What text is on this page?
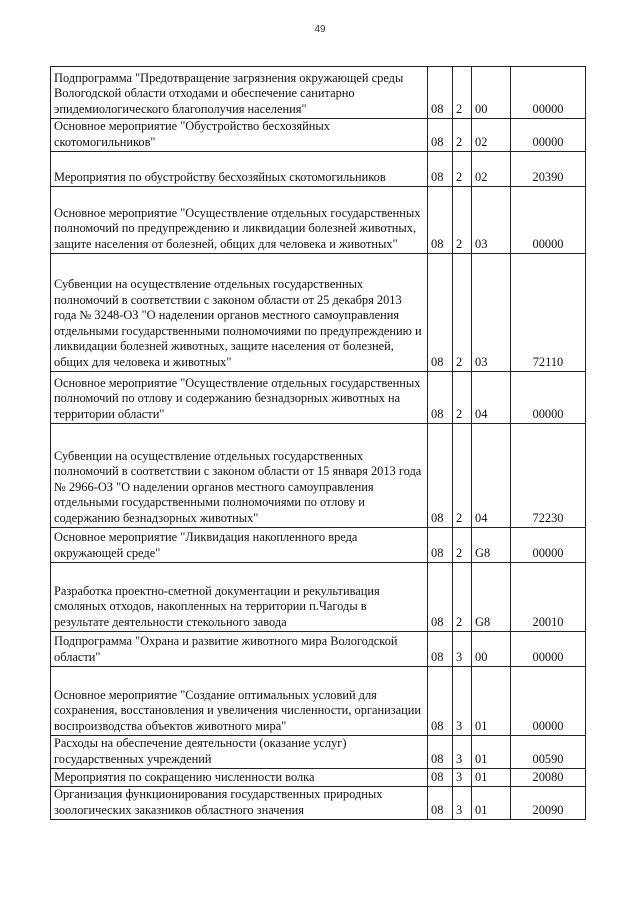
49
Подпрограмма "Предотвращение загрязнения окружающей среды Вологодской области отходами и обеспечение санитарно эпидемиологического благополучия населения"	08	2	00	00000
Основное мероприятие "Обустройство бесхозяйных скотомогильников"	08	2	02	00000
Мероприятия по обустройству бесхозяйных скотомогильников	08	2	02	20390
Основное мероприятие "Осуществление отдельных государственных полномочий по предупреждению и ликвидации болезней животных, защите населения от болезней, общих для человека и животных"	08	2	03	00000
Субвенции на осуществление отдельных государственных полномочий в соответствии с законом области от 25 декабря 2013 года № 3248-ОЗ "О наделении органов местного самоуправления отдельными государственными полномочиями по предупреждению и ликвидации болезней животных, защите населения от болезней, общих для человека и животных"	08	2	03	72110
Основное мероприятие "Осуществление отдельных государственных полномочий по отлову и содержанию безнадзорных животных на территории области"	08	2	04	00000
Субвенции на осуществление отдельных государственных полномочий в соответствии с законом области от 15 января 2013 года № 2966-ОЗ "О наделении органов местного самоуправления отдельными государственными полномочиями по отлову и содержанию безнадзорных животных"	08	2	04	72230
Основное мероприятие "Ликвидация накопленного вреда окружающей среде"	08	2	G8	00000
Разработка проектно-сметной документации и рекультивация смоляных отходов, накопленных на территории п.Чагоды в результате деятельности стекольного завода	08	2	G8	20010
Подпрограмма "Охрана и развитие животного мира Вологодской области"	08	3	00	00000
Основное мероприятие "Создание оптимальных условий для сохранения, восстановления и увеличения численности, организации воспроизводства объектов животного мира"	08	3	01	00000
Расходы на обеспечение деятельности (оказание услуг) государственных учреждений	08	3	01	00590
Мероприятия по сокращению численности волка	08	3	01	20080
Организация функционирования государственных природных зоологических заказников областного значения	08	3	01	20090
